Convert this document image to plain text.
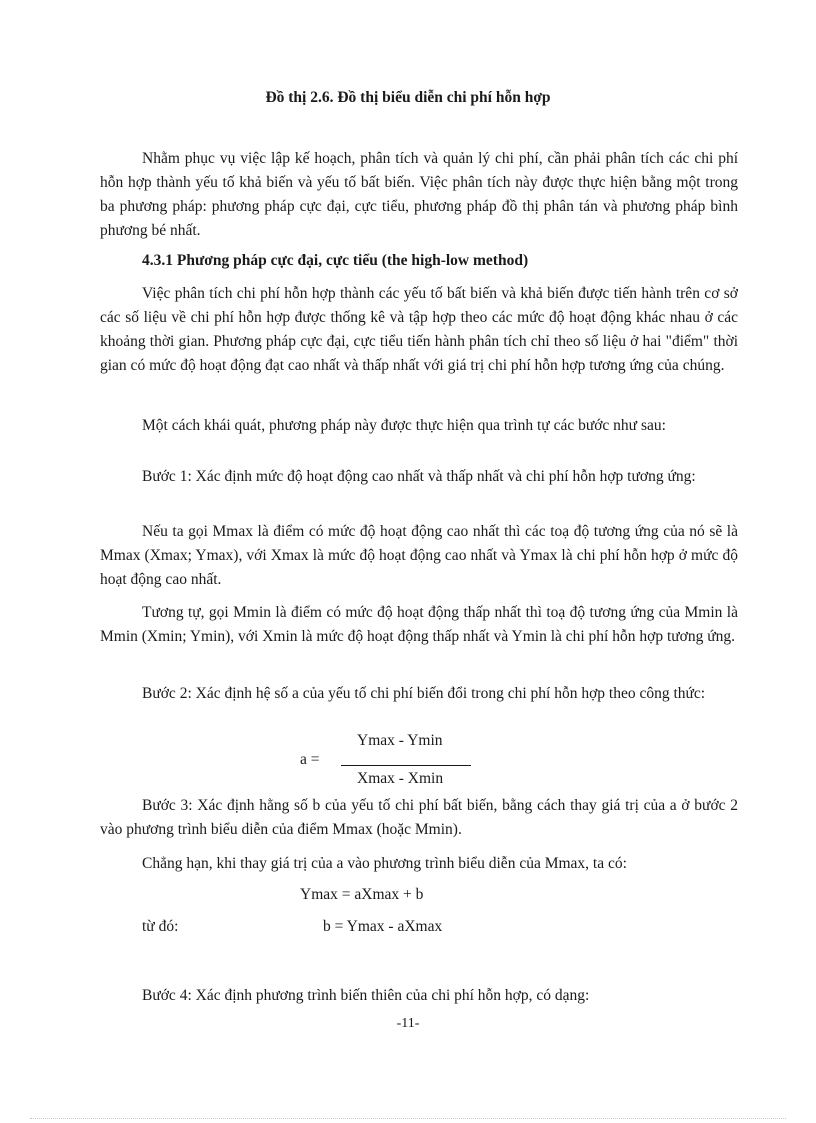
Đồ thị 2.6. Đồ thị biểu diễn chi phí hỗn hợp

Nhằm phục vụ việc lập kế hoạch, phân tích và quản lý chi phí, cần phải phân tích các chi phí hỗn hợp thành yếu tố khả biến và yếu tố bất biến. Việc phân tích này được thực hiện bằng một trong ba phương pháp: phương pháp cực đại, cực tiểu, phương pháp đồ thị phân tán và phương pháp bình phương bé nhất.

4.3.1 Phương pháp cực đại, cực tiểu (the high-low method)

Việc phân tích chi phí hỗn hợp thành các yếu tố bất biến và khả biến được tiến hành trên cơ sở các số liệu về chi phí hỗn hợp được thống kê và tập hợp theo các mức độ hoạt động khác nhau ở các khoảng thời gian. Phương pháp cực đại, cực tiểu tiến hành phân tích chỉ theo số liệu ở hai "điểm" thời gian có mức độ hoạt động đạt cao nhất và thấp nhất với giá trị chi phí hỗn hợp tương ứng của chúng.

Một cách khái quát, phương pháp này được thực hiện qua trình tự các bước như sau:

Bước 1: Xác định mức độ hoạt động cao nhất và thấp nhất và chi phí hỗn hợp tương ứng:

Nếu ta gọi Mmax là điểm có mức độ hoạt động cao nhất thì các toạ độ tương ứng của nó sẽ là Mmax (Xmax; Ymax), với Xmax là mức độ hoạt động cao nhất và Ymax là chi phí hỗn hợp ở mức độ hoạt động cao nhất.

Tương tự, gọi Mmin là điểm có mức độ hoạt động thấp nhất thì toạ độ tương ứng của Mmin là Mmin (Xmin; Ymin), với Xmin là mức độ hoạt động thấp nhất và Ymin là chi phí hỗn hợp tương ứng.

Bước 2: Xác định hệ số a của yếu tố chi phí biến đổi trong chi phí hỗn hợp theo công thức:

a =
Ymax - Ymin
Xmax - Xmin

Bước 3: Xác định hằng số b của yếu tố chi phí bất biến, bằng cách thay giá trị của a ở bước 2 vào phương trình biểu diễn của điểm Mmax (hoặc Mmin).

Chẳng hạn, khi thay giá trị của a vào phương trình biểu diễn của Mmax, ta có:

Ymax = aXmax + b
từ đó:	b = Ymax - aXmax

Bước 4: Xác định phương trình biến thiên của chi phí hỗn hợp, có dạng:

-11-
